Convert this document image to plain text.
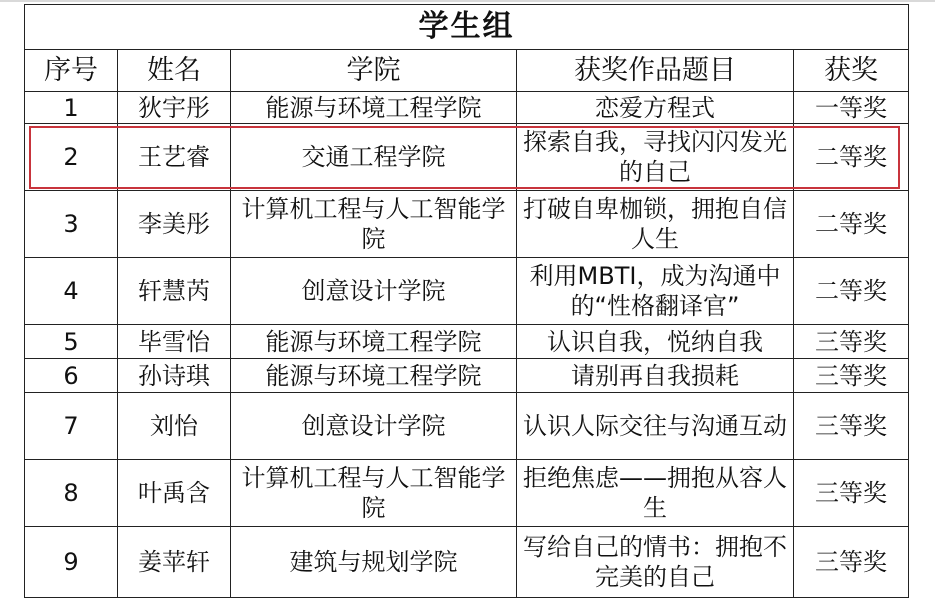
学生组				
序号	姓名	学院	获奖作品题目	获奖
1	狄宇彤	能源与环境工程学院	恋爱方程式	一等奖
2	王艺睿	交通工程学院	探索自我，寻找闪闪发光的自己	二等奖
3	李美彤	计算机工程与人工智能学院	打破自卑枷锁，拥抱自信人生	二等奖
4	轩慧芮	创意设计学院	利用MBTI，成为沟通中的“性格翻译官”	二等奖
5	毕雪怡	能源与环境工程学院	认识自我，悦纳自我	三等奖
6	孙诗琪	能源与环境工程学院	请别再自我损耗	三等奖
7	刘怡	创意设计学院	认识人际交往与沟通互动	三等奖
8	叶禹含	计算机工程与人工智能学院	拒绝焦虑——拥抱从容人生	三等奖
9	姜苹轩	建筑与规划学院	写给自己的情书：拥抱不完美的自己	三等奖
